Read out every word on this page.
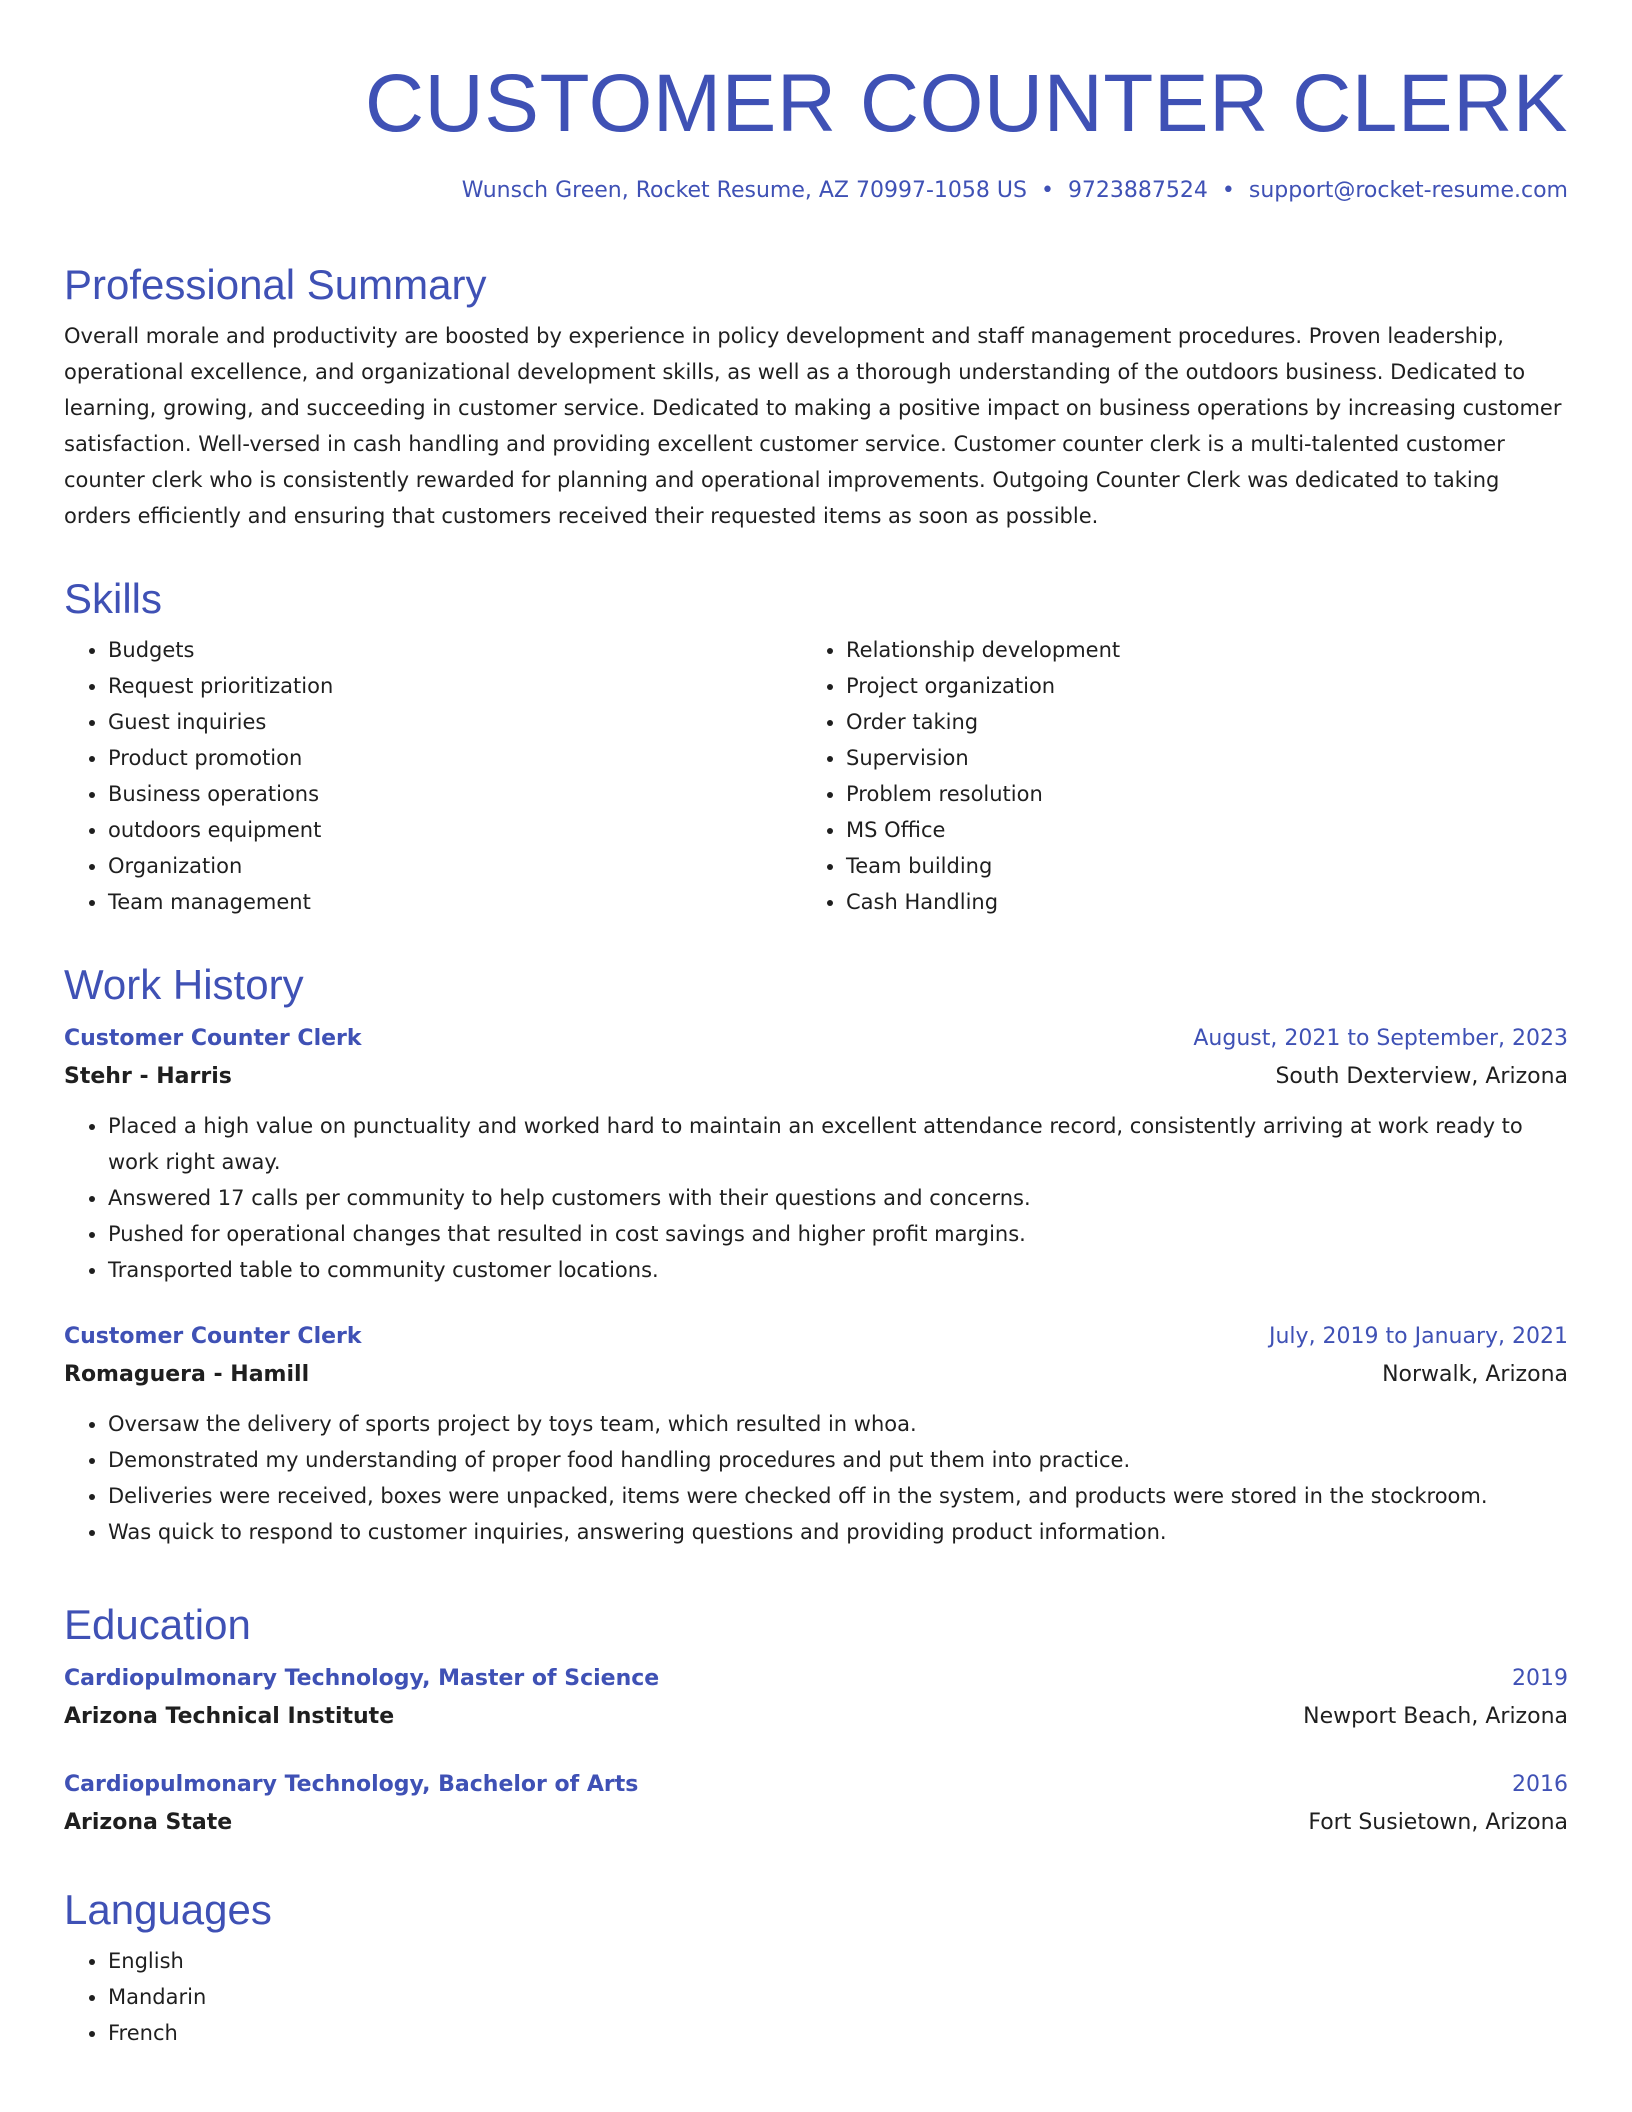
CUSTOMER COUNTER CLERK
Wunsch Green, Rocket Resume, AZ 70997-1058 US • 9723887524 • support@rocket-resume.com
Professional Summary

Overall morale and productivity are boosted by experience in policy development and staff management procedures. Proven leadership, operational excellence, and organizational development skills, as well as a thorough understanding of the outdoors business. Dedicated to learning, growing, and succeeding in customer service. Dedicated to making a positive impact on business operations by increasing customer satisfaction. Well-versed in cash handling and providing excellent customer service. Customer counter clerk is a multi-talented customer counter clerk who is consistently rewarded for planning and operational improvements. Outgoing Counter Clerk was dedicated to taking orders efficiently and ensuring that customers received their requested items as soon as possible.

Skills
• Budgets
• Request prioritization
• Guest inquiries
• Product promotion
• Business operations
• outdoors equipment
• Organization
• Team management
• Relationship development
• Project organization
• Order taking
• Supervision
• Problem resolution
• MS Office
• Team building
• Cash Handling
Work History
Customer Counter Clerk	August, 2021 to September, 2023
Stehr - Harris	South Dexterview, Arizona
• Placed a high value on punctuality and worked hard to maintain an excellent attendance record, consistently arriving at work ready to work right away.
• Answered 17 calls per community to help customers with their questions and concerns.
• Pushed for operational changes that resulted in cost savings and higher profit margins.
• Transported table to community customer locations.
Customer Counter Clerk	July, 2019 to January, 2021
Romaguera - Hamill	Norwalk, Arizona
• Oversaw the delivery of sports project by toys team, which resulted in whoa.
• Demonstrated my understanding of proper food handling procedures and put them into practice.
• Deliveries were received, boxes were unpacked, items were checked off in the system, and products were stored in the stockroom.
• Was quick to respond to customer inquiries, answering questions and providing product information.
Education
Cardiopulmonary Technology, Master of Science	2019
Arizona Technical Institute	Newport Beach, Arizona
Cardiopulmonary Technology, Bachelor of Arts	2016
Arizona State	Fort Susietown, Arizona
Languages
• English
• Mandarin
• French
